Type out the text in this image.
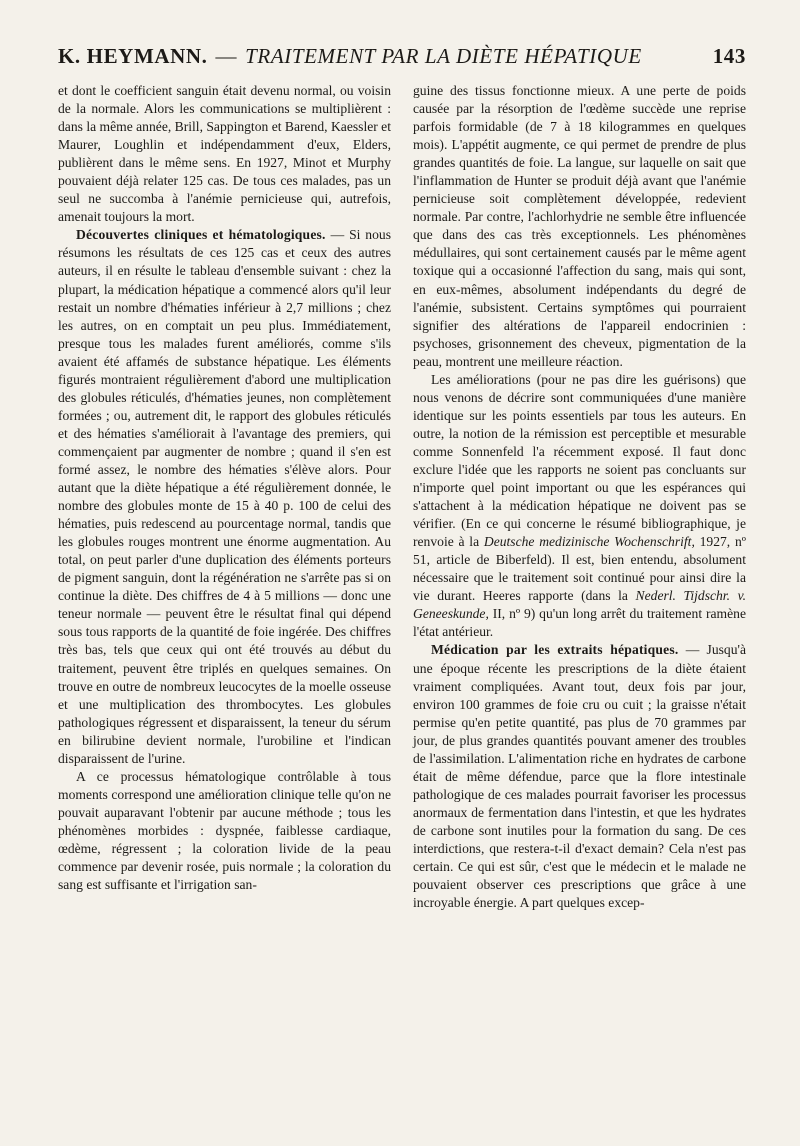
K. HEYMANN. — TRAITEMENT PAR LA DIÈTE HÉPATIQUE	143

et dont le coefficient sanguin était devenu normal, ou voisin de la normale. Alors les communications se multiplièrent : dans la même année, Brill, Sappington et Barend, Kaessler et Maurer, Loughlin et indépendamment d'eux, Elders, publièrent dans le même sens. En 1927, Minot et Murphy pouvaient déjà relater 125 cas. De tous ces malades, pas un seul ne succomba à l'anémie pernicieuse qui, autrefois, amenait toujours la mort.

Découvertes cliniques et hématologiques. — Si nous résumons les résultats de ces 125 cas et ceux des autres auteurs, il en résulte le tableau d'ensemble suivant : chez la plupart, la médication hépatique a commencé alors qu'il leur restait un nombre d'hématies inférieur à 2,7 millions ; chez les autres, on en comptait un peu plus. Immédiatement, presque tous les malades furent améliorés, comme s'ils avaient été affamés de substance hépatique. Les éléments figurés montraient régulièrement d'abord une multiplication des globules réticulés, d'hématies jeunes, non complètement formées ; ou, autrement dit, le rapport des globules réticulés et des hématies s'améliorait à l'avantage des premiers, qui commençaient par augmenter de nombre ; quand il s'en est formé assez, le nombre des hématies s'élève alors. Pour autant que la diète hépatique a été régulièrement donnée, le nombre des globules monte de 15 à 40 p. 100 de celui des hématies, puis redescend au pourcentage normal, tandis que les globules rouges montrent une énorme augmentation. Au total, on peut parler d'une duplication des éléments porteurs de pigment sanguin, dont la régénération ne s'arrête pas si on continue la diète. Des chiffres de 4 à 5 millions — donc une teneur normale — peuvent être le résultat final qui dépend sous tous rapports de la quantité de foie ingérée. Des chiffres très bas, tels que ceux qui ont été trouvés au début du traitement, peuvent être triplés en quelques semaines. On trouve en outre de nombreux leucocytes de la moelle osseuse et une multiplication des thrombocytes. Les globules pathologiques régressent et disparaissent, la teneur du sérum en bilirubine devient normale, l'urobiline et l'indican disparaissent de l'urine.

A ce processus hématologique contrôlable à tous moments correspond une amélioration clinique telle qu'on ne pouvait auparavant l'obtenir par aucune méthode ; tous les phénomènes morbides : dyspnée, faiblesse cardiaque, œdème, régressent ; la coloration livide de la peau commence par devenir rosée, puis normale ; la coloration du sang est suffisante et l'irrigation san-

guine des tissus fonctionne mieux. A une perte de poids causée par la résorption de l'œdème succède une reprise parfois formidable (de 7 à 18 kilogrammes en quelques mois). L'appétit augmente, ce qui permet de prendre de plus grandes quantités de foie. La langue, sur laquelle on sait que l'inflammation de Hunter se produit déjà avant que l'anémie pernicieuse soit complètement développée, redevient normale. Par contre, l'achlorhydrie ne semble être influencée que dans des cas très exceptionnels. Les phénomènes médullaires, qui sont certainement causés par le même agent toxique qui a occasionné l'affection du sang, mais qui sont, en eux-mêmes, absolument indépendants du degré de l'anémie, subsistent. Certains symptômes qui pourraient signifier des altérations de l'appareil endocrinien : psychoses, grisonnement des cheveux, pigmentation de la peau, montrent une meilleure réaction.

Les améliorations (pour ne pas dire les guérisons) que nous venons de décrire sont communiquées d'une manière identique sur les points essentiels par tous les auteurs. En outre, la notion de la rémission est perceptible et mesurable comme Sonnenfeld l'a récemment exposé. Il faut donc exclure l'idée que les rapports ne soient pas concluants sur n'importe quel point important ou que les espérances qui s'attachent à la médication hépatique ne doivent pas se vérifier. (En ce qui concerne le résumé bibliographique, je renvoie à la Deutsche medizinische Wochenschrift, 1927, nº 51, article de Biberfeld). Il est, bien entendu, absolument nécessaire que le traitement soit continué pour ainsi dire la vie durant. Heeres rapporte (dans la Nederl. Tijdschr. v. Geneeskunde, II, nº 9) qu'un long arrêt du traitement ramène l'état antérieur.

Médication par les extraits hépatiques. — Jusqu'à une époque récente les prescriptions de la diète étaient vraiment compliquées. Avant tout, deux fois par jour, environ 100 grammes de foie cru ou cuit ; la graisse n'était permise qu'en petite quantité, pas plus de 70 grammes par jour, de plus grandes quantités pouvant amener des troubles de l'assimilation. L'alimentation riche en hydrates de carbone était de même défendue, parce que la flore intestinale pathologique de ces malades pourrait favoriser les processus anormaux de fermentation dans l'intestin, et que les hydrates de carbone sont inutiles pour la formation du sang. De ces interdictions, que restera-t-il d'exact demain? Cela n'est pas certain. Ce qui est sûr, c'est que le médecin et le malade ne pouvaient observer ces prescriptions que grâce à une incroyable énergie. A part quelques excep-
